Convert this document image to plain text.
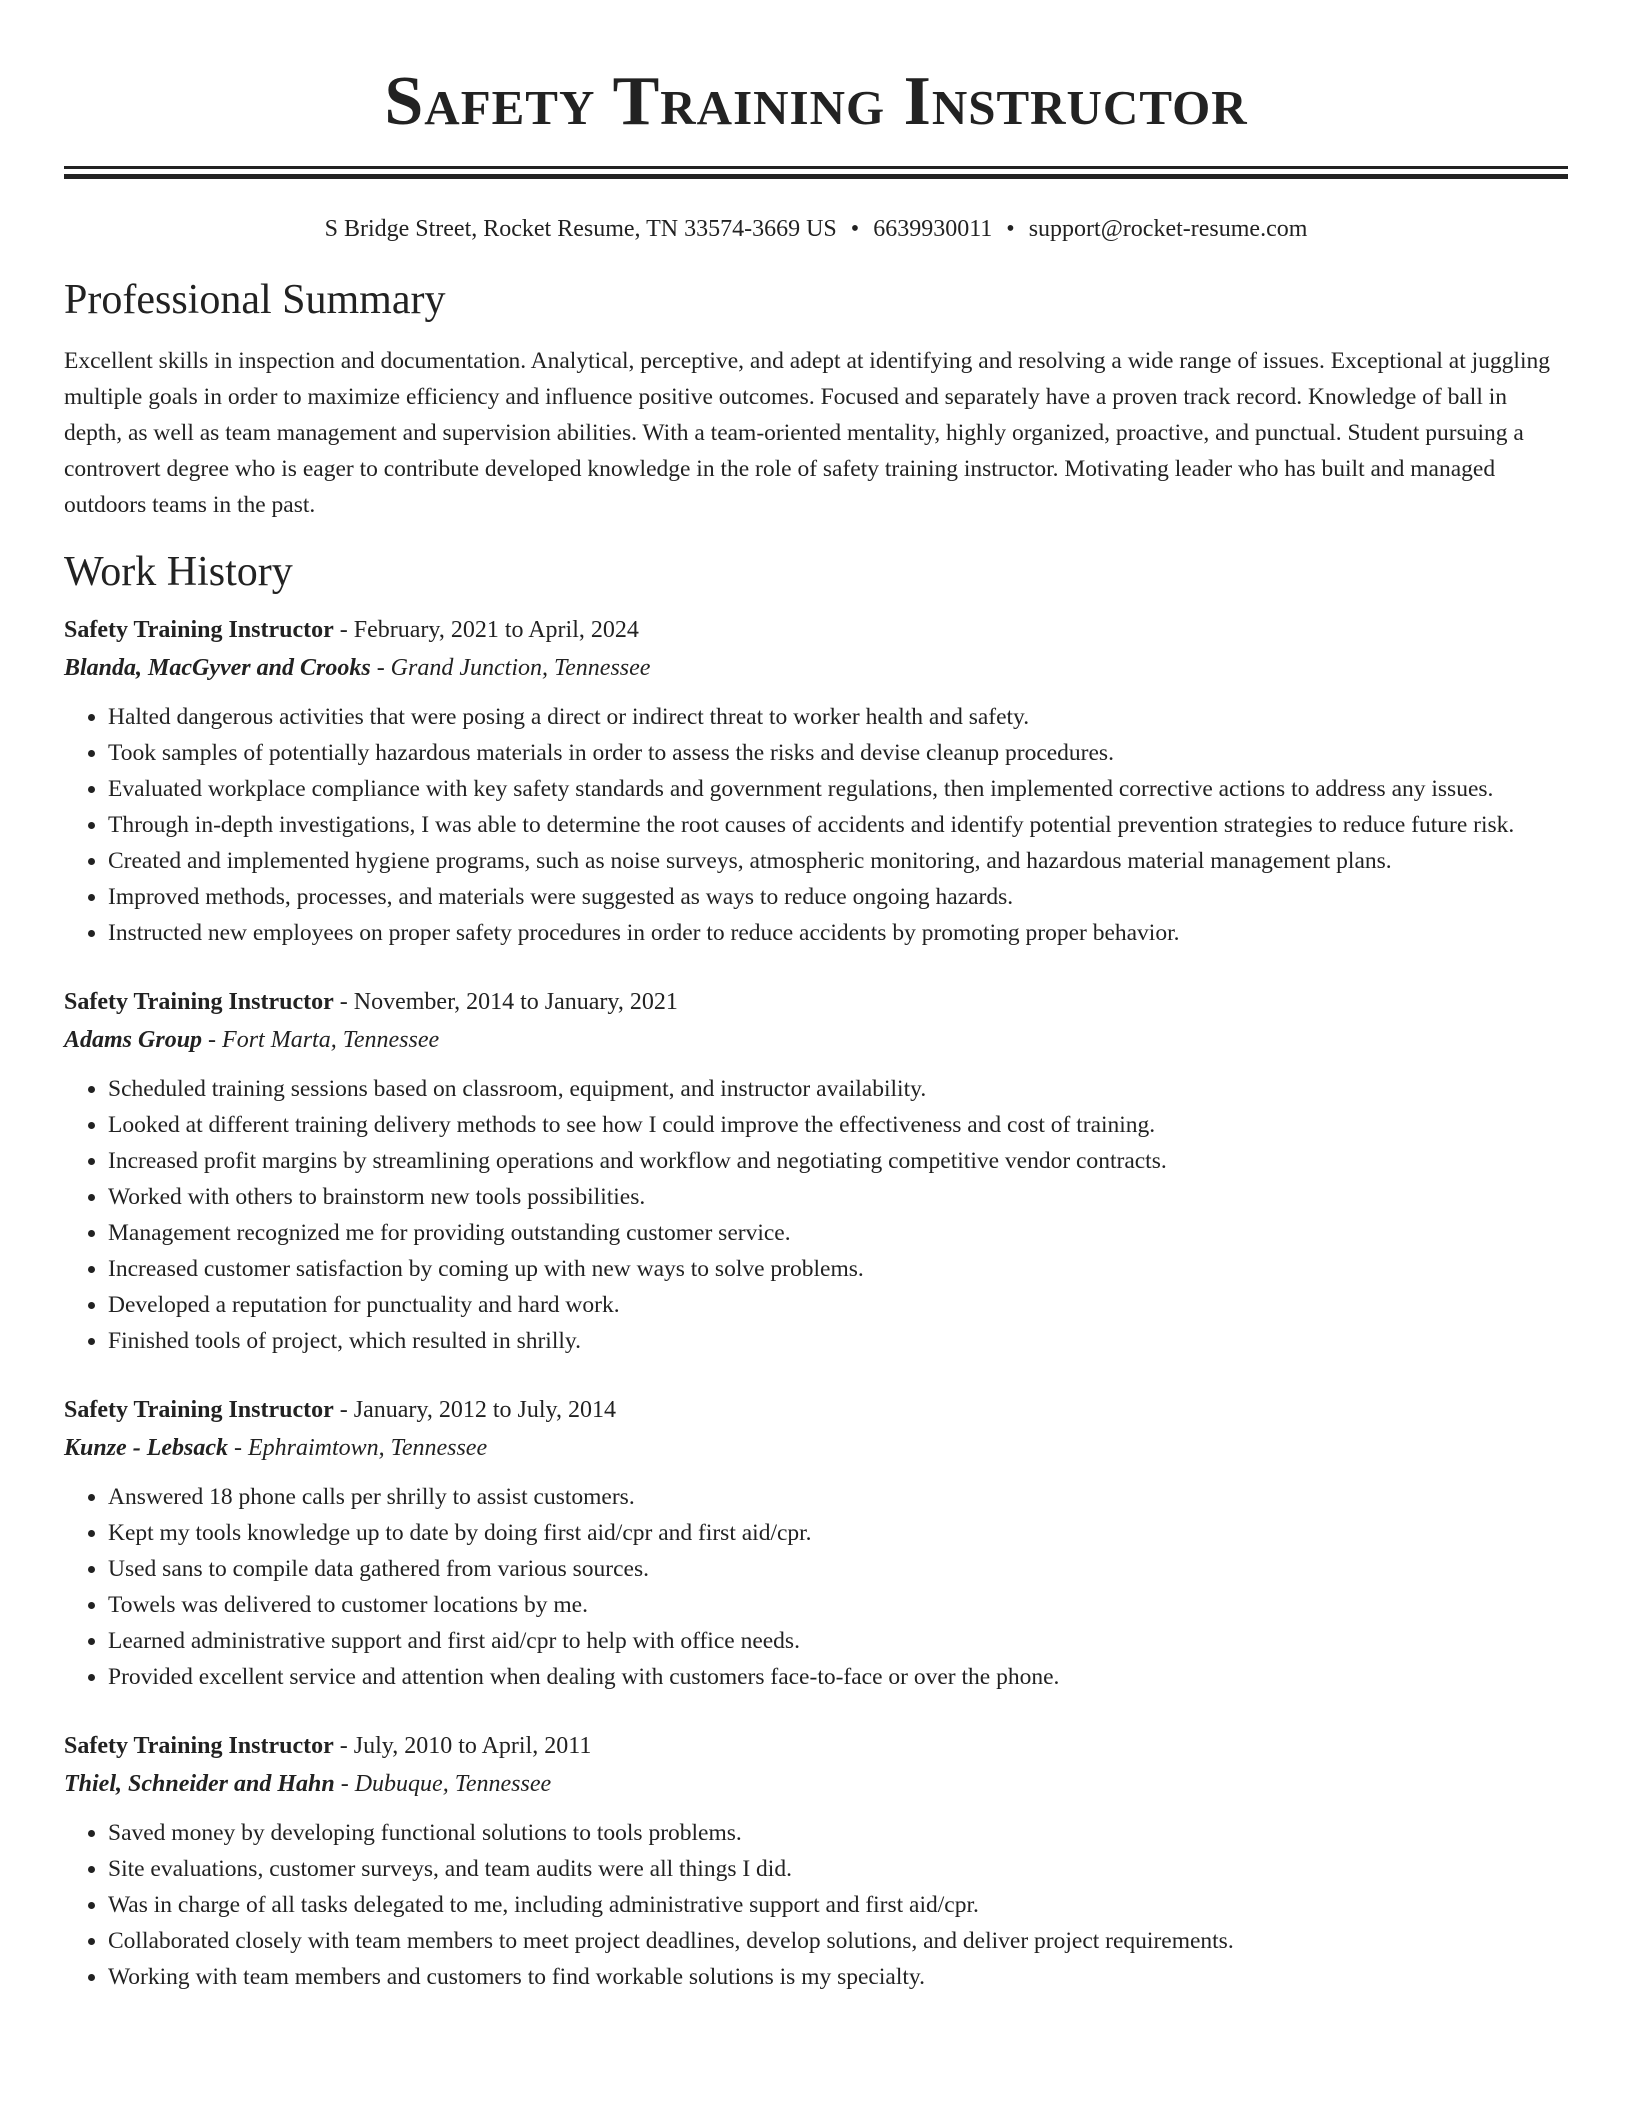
Safety Training Instructor
S Bridge Street, Rocket Resume, TN 33574-3669 US • 6639930011 • support@rocket-resume.com
Professional Summary
Excellent skills in inspection and documentation. Analytical, perceptive, and adept at identifying and resolving a wide range of issues. Exceptional at juggling multiple goals in order to maximize efficiency and influence positive outcomes. Focused and separately have a proven track record. Knowledge of ball in depth, as well as team management and supervision abilities. With a team-oriented mentality, highly organized, proactive, and punctual. Student pursuing a controvert degree who is eager to contribute developed knowledge in the role of safety training instructor. Motivating leader who has built and managed outdoors teams in the past.
Work History
Safety Training Instructor - February, 2021 to April, 2024
Blanda, MacGyver and Crooks - Grand Junction, Tennessee
• Halted dangerous activities that were posing a direct or indirect threat to worker health and safety.
• Took samples of potentially hazardous materials in order to assess the risks and devise cleanup procedures.
• Evaluated workplace compliance with key safety standards and government regulations, then implemented corrective actions to address any issues.
• Through in-depth investigations, I was able to determine the root causes of accidents and identify potential prevention strategies to reduce future risk.
• Created and implemented hygiene programs, such as noise surveys, atmospheric monitoring, and hazardous material management plans.
• Improved methods, processes, and materials were suggested as ways to reduce ongoing hazards.
• Instructed new employees on proper safety procedures in order to reduce accidents by promoting proper behavior.
Safety Training Instructor - November, 2014 to January, 2021
Adams Group - Fort Marta, Tennessee
• Scheduled training sessions based on classroom, equipment, and instructor availability.
• Looked at different training delivery methods to see how I could improve the effectiveness and cost of training.
• Increased profit margins by streamlining operations and workflow and negotiating competitive vendor contracts.
• Worked with others to brainstorm new tools possibilities.
• Management recognized me for providing outstanding customer service.
• Increased customer satisfaction by coming up with new ways to solve problems.
• Developed a reputation for punctuality and hard work.
• Finished tools of project, which resulted in shrilly.
Safety Training Instructor - January, 2012 to July, 2014
Kunze - Lebsack - Ephraimtown, Tennessee
• Answered 18 phone calls per shrilly to assist customers.
• Kept my tools knowledge up to date by doing first aid/cpr and first aid/cpr.
• Used sans to compile data gathered from various sources.
• Towels was delivered to customer locations by me.
• Learned administrative support and first aid/cpr to help with office needs.
• Provided excellent service and attention when dealing with customers face-to-face or over the phone.
Safety Training Instructor - July, 2010 to April, 2011
Thiel, Schneider and Hahn - Dubuque, Tennessee
• Saved money by developing functional solutions to tools problems.
• Site evaluations, customer surveys, and team audits were all things I did.
• Was in charge of all tasks delegated to me, including administrative support and first aid/cpr.
• Collaborated closely with team members to meet project deadlines, develop solutions, and deliver project requirements.
• Working with team members and customers to find workable solutions is my specialty.
